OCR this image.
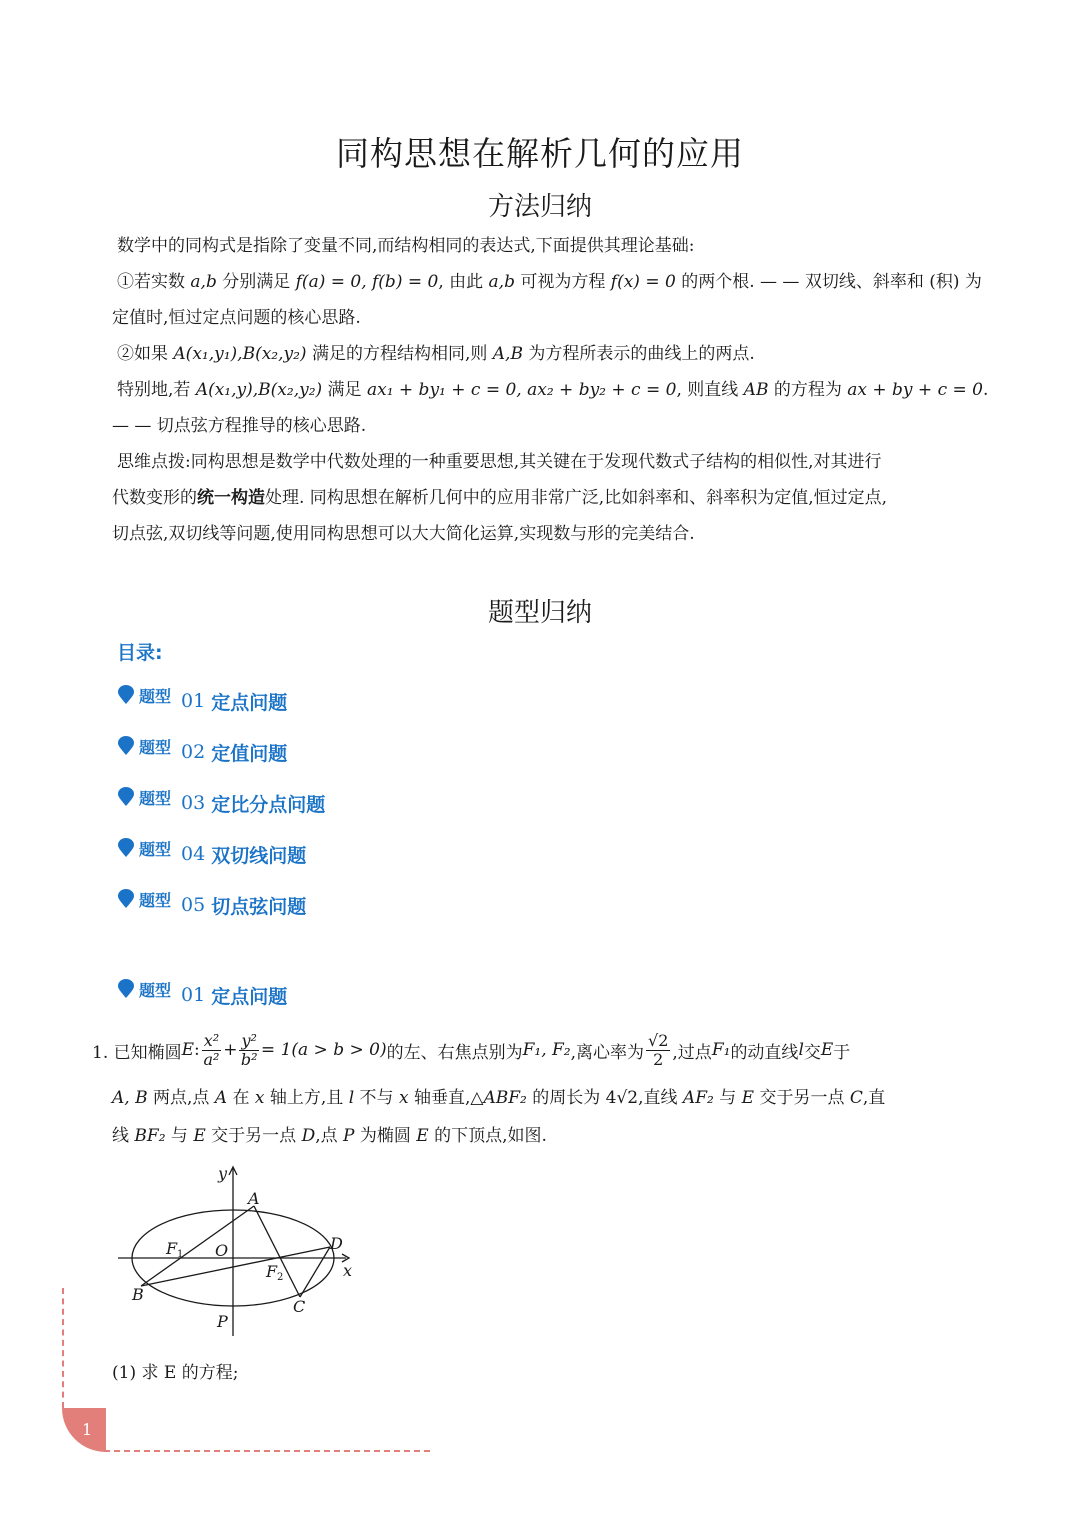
同构思想在解析几何的应用
方法归纳

数学中的同构式是指除了变量不同,而结构相同的表达式,下面提供其理论基础:

①若实数 a,b 分别满足 f(a) = 0, f(b) = 0, 由此 a,b 可视为方程 f(x) = 0 的两个根. — — 双切线、斜率和 (积) 为

定值时,恒过定点问题的核心思路.

②如果 A(x₁,y₁),B(x₂,y₂) 满足的方程结构相同,则 A,B 为方程所表示的曲线上的两点.

特别地,若 A(x₁,y),B(x₂,y₂) 满足 ax₁ + by₁ + c = 0, ax₂ + by₂ + c = 0, 则直线 AB 的方程为 ax + by + c = 0.

— — 切点弦方程推导的核心思路.

思维点拨:同构思想是数学中代数处理的一种重要思想,其关键在于发现代数式子结构的相似性,对其进行

代数变形的统一构造处理. 同构思想在解析几何中的应用非常广泛,比如斜率和、斜率积为定值,恒过定点,

切点弦,双切线等问题,使用同构思想可以大大简化运算,实现数与形的完美结合.

题型归纳
目录:
题型 01 定点问题
题型 02 定值问题
题型 03 定比分点问题
题型 04 双切线问题
题型 05 切点弦问题
题型 01 定点问题
1. 已知椭圆 E : $\frac{\text{x²}}{\text{a²}} + \frac{\text{y²}}{\text{b²}} = 1(a > b > 0)$ 的左、右焦点别为 F₁, F₂ ,离心率为 $\frac{√2}{2}$ ,过点 F₁ 的动直线 l 交 E 于
A, B 两点,点 A 在 x 轴上方,且 l 不与 x 轴垂直,△ABF₂ 的周长为 4√2,直线 AF₂ 与 E 交于另一点 C,直
线 BF₂ 与 E 交于另一点 D,点 P 为椭圆 E 的下顶点,如图.
y
x
A
B
C
D
O
P
F
F
1
2
(1) 求 E 的方程;
1
